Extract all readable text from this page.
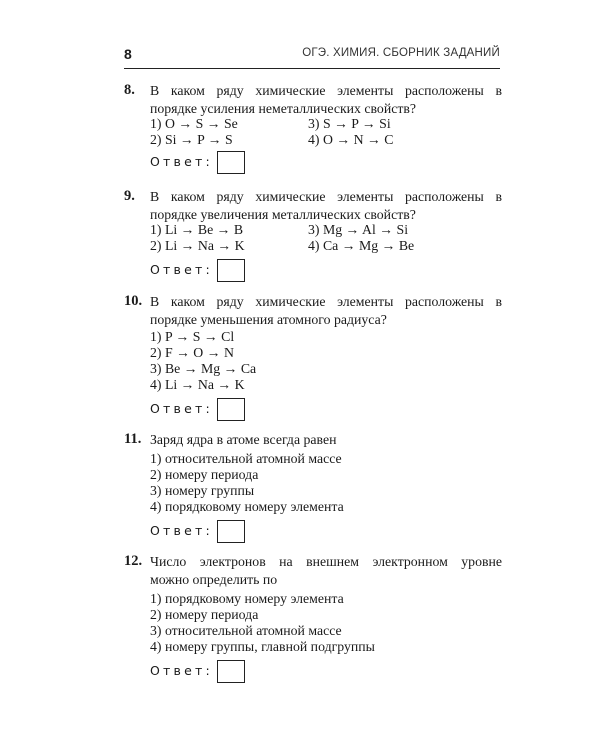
8	ОГЭ. ХИМИЯ. СБОРНИК ЗАДАНИЙ
8. В каком ряду химические элементы расположены в
порядке усиления неметаллических свойств?
1) O → S → Se
2) Si → P → S
3) S → P → Si
4) O → N → C
Ответ:
9. В каком ряду химические элементы расположены в
порядке увеличения металлических свойств?
1) Li → Be → B
2) Li → Na → K
3) Mg → Al → Si
4) Ca → Mg → Be
Ответ:
10. В каком ряду химические элементы расположены в
порядке уменьшения атомного радиуса?
1) P → S → Cl
2) F → O → N
3) Be → Mg → Ca
4) Li → Na → K
Ответ:
11. Заряд ядра в атоме всегда равен
1) относительной атомной массе
2) номеру периода
3) номеру группы
4) порядковому номеру элемента
Ответ:
12. Число электронов на внешнем электронном уровне
можно определить по
1) порядковому номеру элемента
2) номеру периода
3) относительной атомной массе
4) номеру группы, главной подгруппы
Ответ:
